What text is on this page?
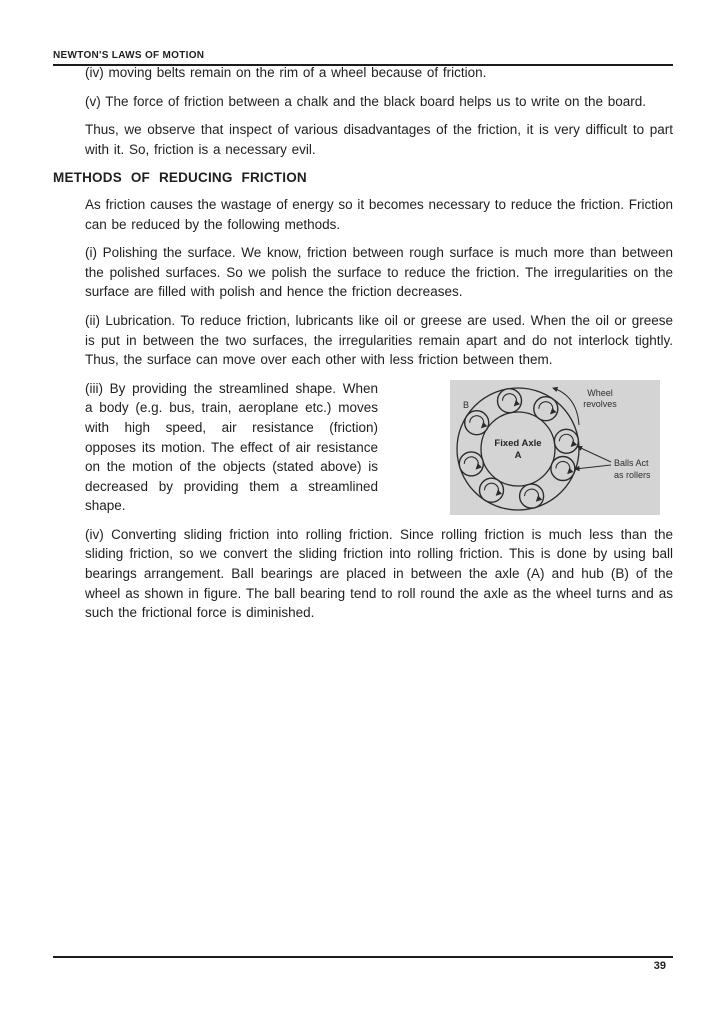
NEWTON'S LAWS OF MOTION

(iv) moving belts remain on the rim of a wheel because of friction.

(v) The force of friction between a chalk and the black board helps us to write on the board.

Thus, we observe that inspect of various disadvantages of the friction, it is very difficult to part with it. So, friction is a necessary evil.

METHODS OF REDUCING FRICTION

As friction causes the wastage of energy so it becomes necessary to reduce the friction. Friction can be reduced by the following methods.

(i) Polishing the surface. We know, friction between rough surface is much more than between the polished surfaces. So we polish the surface to reduce the friction. The irregularities on the surface are filled with polish and hence the friction decreases.

(ii) Lubrication. To reduce friction, lubricants like oil or greese are used. When the oil or greese is put in between the two surfaces, the irregularities remain apart and do not interlock tightly. Thus, the surface can move over each other with less friction between them.

(iii) By providing the streamlined shape. When a body (e.g. bus, train, aeroplane etc.) moves with high speed, air resistance (friction) opposes its motion. The effect of air resistance on the motion of the objects (stated above) is decreased by providing them a streamlined shape.

B
Fixed Axle
A
Wheel
revolves
Balls Act
as rollers

(iv) Converting sliding friction into rolling friction. Since rolling friction is much less than the sliding friction, so we convert the sliding friction into rolling friction. This is done by using ball bearings arrangement. Ball bearings are placed in between the axle (A) and hub (B) of the wheel as shown in figure. The ball bearing tend to roll round the axle as the wheel turns and as such the frictional force is diminished.

39
